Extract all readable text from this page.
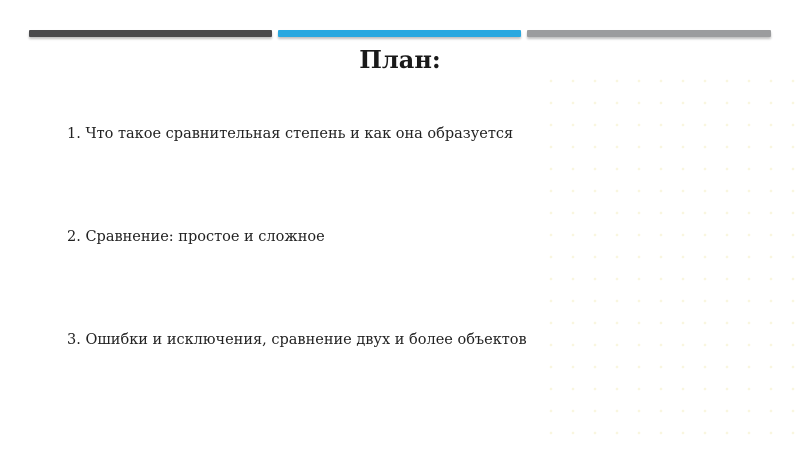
План:
1. Что такое сравнительная степень и как она образуется
2. Сравнение: простое и сложное
3. Ошибки и исключения, сравнение двух и более объектов
